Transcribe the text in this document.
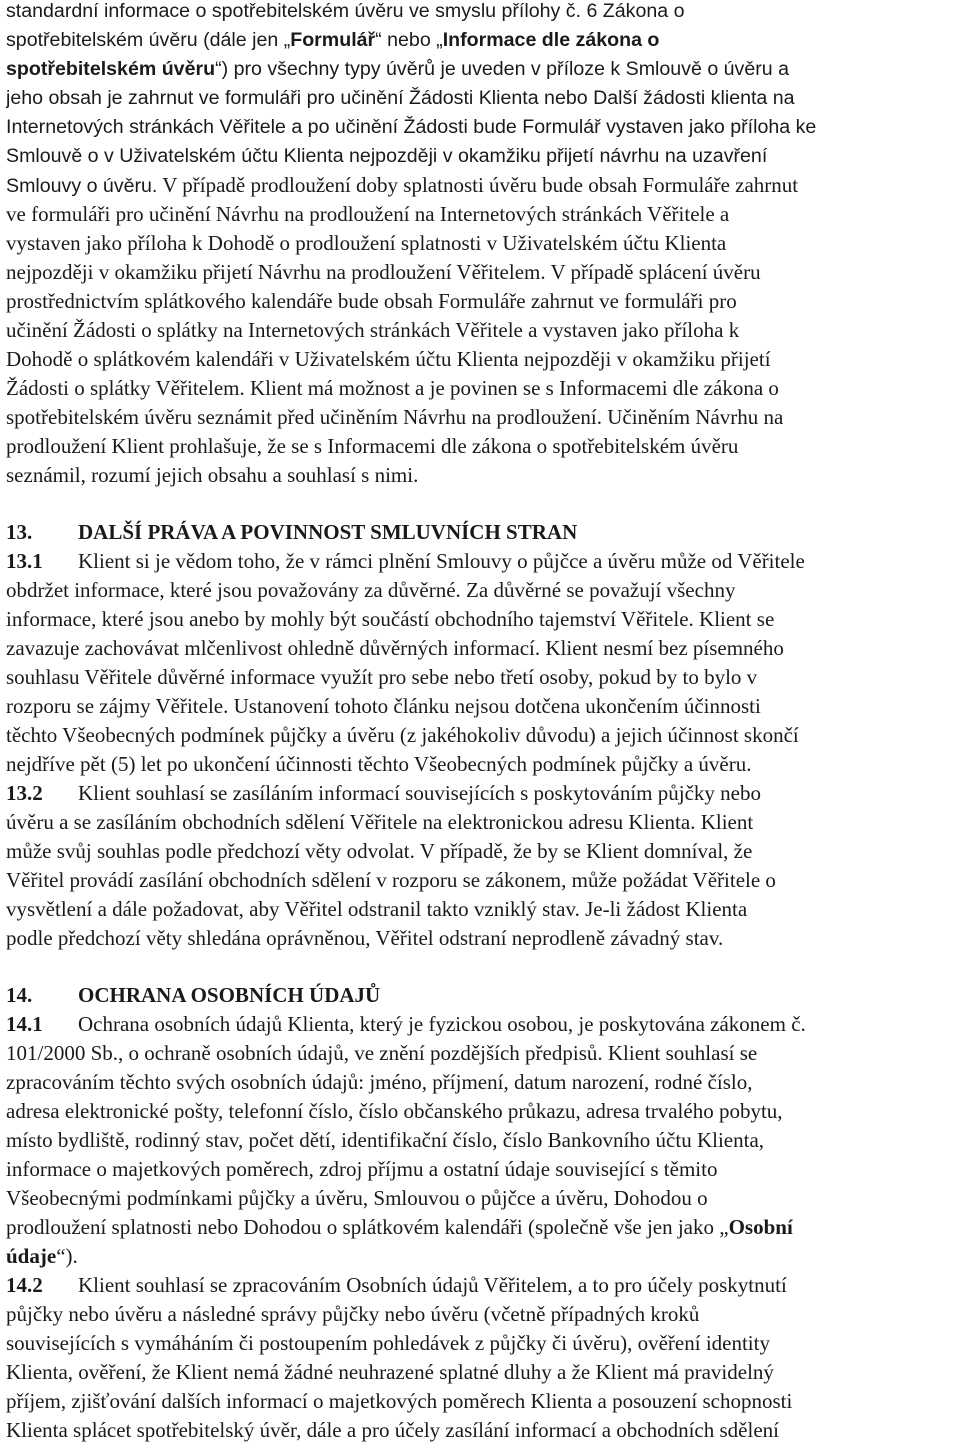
standardní informace o spotřebitelském úvěru ve smyslu přílohy č. 6 Zákona o
spotřebitelském úvěru (dále jen „Formulář“ nebo „Informace dle zákona o
spotřebitelském úvěru“) pro všechny typy úvěrů je uveden v příloze k Smlouvě o úvěru a
jeho obsah je zahrnut ve formuláři pro učinění Žádosti Klienta nebo Další žádosti klienta na
Internetových stránkách Věřitele a po učinění Žádosti bude Formulář vystaven jako příloha ke
Smlouvě o v Uživatelském účtu Klienta nejpozději v okamžiku přijetí návrhu na uzavření
Smlouvy o úvěru. V případě prodloužení doby splatnosti úvěru bude obsah Formuláře zahrnut
ve formuláři pro učinění Návrhu na prodloužení na Internetových stránkách Věřitele a
vystaven jako příloha k Dohodě o prodloužení splatnosti v Uživatelském účtu Klienta
nejpozději v okamžiku přijetí Návrhu na prodloužení Věřitelem. V případě splácení úvěru
prostřednictvím splátkového kalendáře bude obsah Formuláře zahrnut ve formuláři pro
učinění Žádosti o splátky na Internetových stránkách Věřitele a vystaven jako příloha k
Dohodě o splátkovém kalendáři v Uživatelském účtu Klienta nejpozději v okamžiku přijetí
Žádosti o splátky Věřitelem. Klient má možnost a je povinen se s Informacemi dle zákona o
spotřebitelském úvěru seznámit před učiněním Návrhu na prodloužení. Učiněním Návrhu na
prodloužení Klient prohlašuje, že se s Informacemi dle zákona o spotřebitelském úvěru
seznámil, rozumí jejich obsahu a souhlasí s nimi.
13. DALŠÍ PRÁVA A POVINNOST SMLUVNÍCH STRAN
13.1 Klient si je vědom toho, že v rámci plnění Smlouvy o půjčce a úvěru může od Věřitele
obdržet informace, které jsou považovány za důvěrné. Za důvěrné se považují všechny
informace, které jsou anebo by mohly být součástí obchodního tajemství Věřitele. Klient se
zavazuje zachovávat mlčenlivost ohledně důvěrných informací. Klient nesmí bez písemného
souhlasu Věřitele důvěrné informace využít pro sebe nebo třetí osoby, pokud by to bylo v
rozporu se zájmy Věřitele. Ustanovení tohoto článku nejsou dotčena ukončením účinnosti
těchto Všeobecných podmínek půjčky a úvěru (z jakéhokoliv důvodu) a jejich účinnost skončí
nejdříve pět (5) let po ukončení účinnosti těchto Všeobecných podmínek půjčky a úvěru.
13.2 Klient souhlasí se zasíláním informací souvisejících s poskytováním půjčky nebo
úvěru a se zasíláním obchodních sdělení Věřitele na elektronickou adresu Klienta. Klient
může svůj souhlas podle předchozí věty odvolat. V případě, že by se Klient domníval, že
Věřitel provádí zasílání obchodních sdělení v rozporu se zákonem, může požádat Věřitele o
vysvětlení a dále požadovat, aby Věřitel odstranil takto vzniklý stav. Je-li žádost Klienta
podle předchozí věty shledána oprávněnou, Věřitel odstraní neprodleně závadný stav.
14. OCHRANA OSOBNÍCH ÚDAJŮ
14.1 Ochrana osobních údajů Klienta, který je fyzickou osobou, je poskytována zákonem č.
101/2000 Sb., o ochraně osobních údajů, ve znění pozdějších předpisů. Klient souhlasí se
zpracováním těchto svých osobních údajů: jméno, příjmení, datum narození, rodné číslo,
adresa elektronické pošty, telefonní číslo, číslo občanského průkazu, adresa trvalého pobytu,
místo bydliště, rodinný stav, počet dětí, identifikační číslo, číslo Bankovního účtu Klienta,
informace o majetkových poměrech, zdroj příjmu a ostatní údaje související s těmito
Všeobecnými podmínkami půjčky a úvěru, Smlouvou o půjčce a úvěru, Dohodou o
prodloužení splatnosti nebo Dohodou o splátkovém kalendáři (společně vše jen jako „Osobní
údaje“).
14.2 Klient souhlasí se zpracováním Osobních údajů Věřitelem, a to pro účely poskytnutí
půjčky nebo úvěru a následné správy půjčky nebo úvěru (včetně případných kroků
souvisejících s vymáháním či postoupením pohledávek z půjčky či úvěru), ověření identity
Klienta, ověření, že Klient nemá žádné neuhrazené splatné dluhy a že Klient má pravidelný
příjem, zjišťování dalších informací o majetkových poměrech Klienta a posouzení schopnosti
Klienta splácet spotřebitelský úvěr, dále a pro účely zasílání informací a obchodních sdělení
